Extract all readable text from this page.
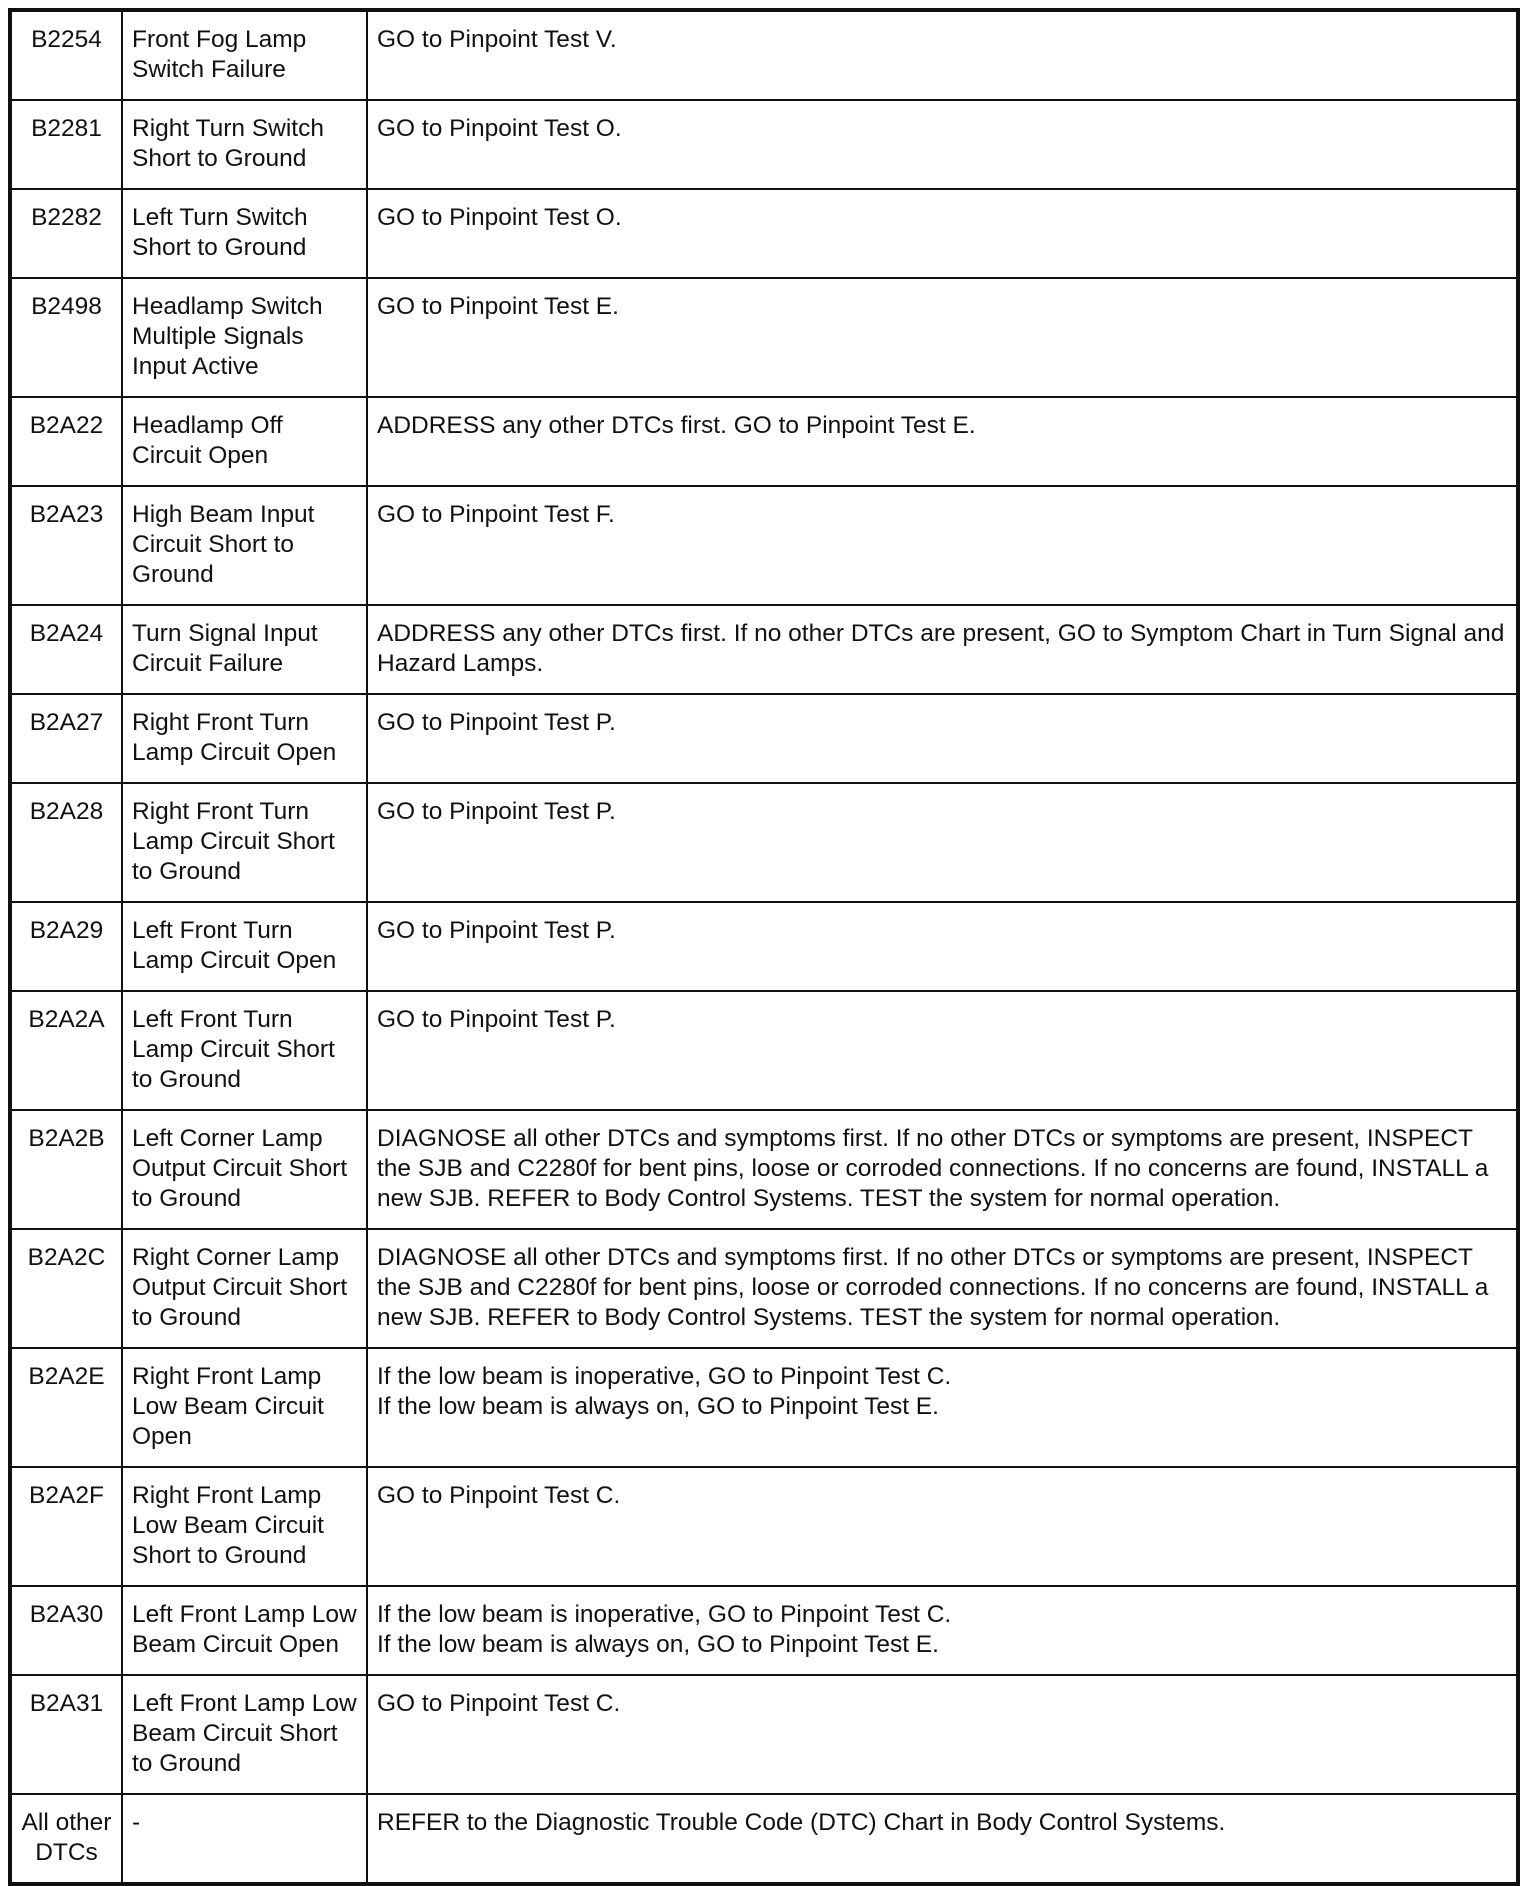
B2254	Front Fog Lamp Switch Failure	GO to Pinpoint Test V.
B2281	Right Turn Switch Short to Ground	GO to Pinpoint Test O.
B2282	Left Turn Switch Short to Ground	GO to Pinpoint Test O.
B2498	Headlamp Switch Multiple Signals Input Active	GO to Pinpoint Test E.
B2A22	Headlamp Off Circuit Open	ADDRESS any other DTCs first. GO to Pinpoint Test E.
B2A23	High Beam Input Circuit Short to Ground	GO to Pinpoint Test F.
B2A24	Turn Signal Input Circuit Failure	ADDRESS any other DTCs first. If no other DTCs are present, GO to Symptom Chart in Turn Signal and Hazard Lamps.
B2A27	Right Front Turn Lamp Circuit Open	GO to Pinpoint Test P.
B2A28	Right Front Turn Lamp Circuit Short to Ground	GO to Pinpoint Test P.
B2A29	Left Front Turn Lamp Circuit Open	GO to Pinpoint Test P.
B2A2A	Left Front Turn Lamp Circuit Short to Ground	GO to Pinpoint Test P.
B2A2B	Left Corner Lamp Output Circuit Short to Ground	DIAGNOSE all other DTCs and symptoms first. If no other DTCs or symptoms are present, INSPECT the SJB and C2280f for bent pins, loose or corroded connections. If no concerns are found, INSTALL a new SJB. REFER to Body Control Systems. TEST the system for normal operation.
B2A2C	Right Corner Lamp Output Circuit Short to Ground	DIAGNOSE all other DTCs and symptoms first. If no other DTCs or symptoms are present, INSPECT the SJB and C2280f for bent pins, loose or corroded connections. If no concerns are found, INSTALL a new SJB. REFER to Body Control Systems. TEST the system for normal operation.
B2A2E	Right Front Lamp Low Beam Circuit Open	If the low beam is inoperative, GO to Pinpoint Test C.
If the low beam is always on, GO to Pinpoint Test E.
B2A2F	Right Front Lamp Low Beam Circuit Short to Ground	GO to Pinpoint Test C.
B2A30	Left Front Lamp Low Beam Circuit Open	If the low beam is inoperative, GO to Pinpoint Test C.
If the low beam is always on, GO to Pinpoint Test E.
B2A31	Left Front Lamp Low Beam Circuit Short to Ground	GO to Pinpoint Test C.
All other DTCs	-	REFER to the Diagnostic Trouble Code (DTC) Chart in Body Control Systems.
